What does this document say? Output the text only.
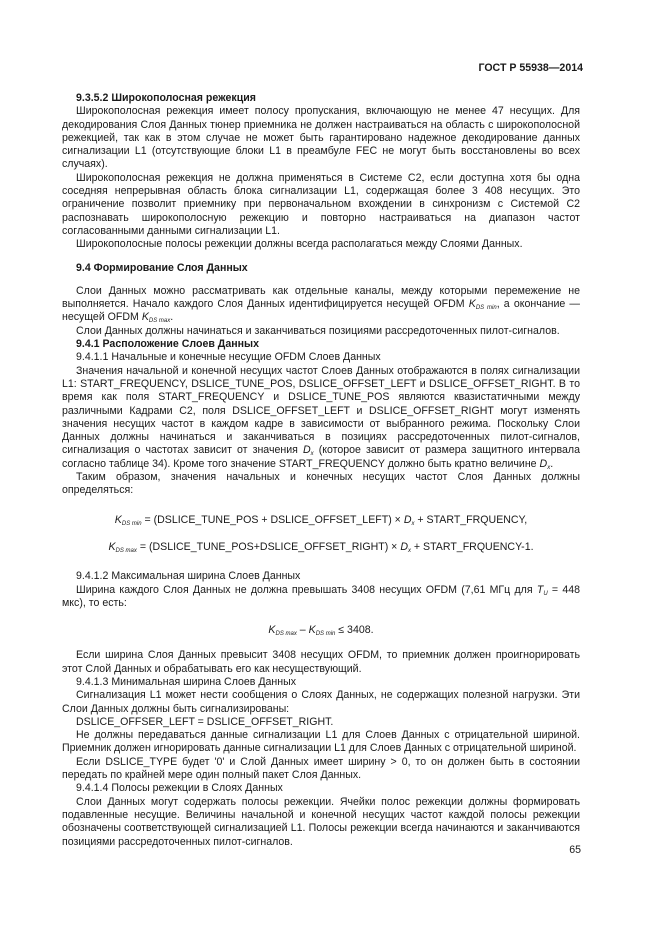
ГОСТ Р 55938—2014
9.3.5.2 Широкополосная режекция

Широкополосная режекция имеет полосу пропускания, включающую не менее 47 несущих. Для декодирования Слоя Данных тюнер приемника не должен настраиваться на область с широкополосной режекцией, так как в этом случае не может быть гарантировано надежное декодирование данных сигнализации L1 (отсутствующие блоки L1 в преамбуле FEC не могут быть восстановлены во всех случаях).

Широкополосная режекция не должна применяться в Системе С2, если доступна хотя бы одна соседняя непрерывная область блока сигнализации L1, содержащая более 3 408 несущих. Это ограничение позволит приемнику при первоначальном вхождении в синхронизм с Системой С2 распознавать широкополосную режекцию и повторно настраиваться на диапазон частот согласованными данными сигнализации L1.

Широкополосные полосы режекции должны всегда располагаться между Слоями Данных.

9.4 Формирование Слоя Данных

Слои Данных можно рассматривать как отдельные каналы, между которыми перемежение не выполняется. Начало каждого Слоя Данных идентифицируется несущей OFDM $K_{DS min}$, а окончание — несущей OFDM $K_{DS max}$.

Слои Данных должны начинаться и заканчиваться позициями рассредоточенных пилот-сигналов.

9.4.1 Расположение Слоев Данных
9.4.1.1 Начальные и конечные несущие OFDM Слоев Данных

Значения начальной и конечной несущих частот Слоев Данных отображаются в полях сигнализации L1: START_FREQUENCY, DSLICE_TUNE_POS, DSLICE_OFFSET_LEFT и DSLICE_OFFSET_RIGHT. В то время как поля START_FREQUENCY и DSLICE_TUNE_POS являются квазистатичными между различными Кадрами С2, поля DSLICE_OFFSET_LEFT и DSLICE_OFFSET_RIGHT могут изменять значения несущих частот в каждом кадре в зависимости от выбранного режима. Поскольку Слои Данных должны начинаться и заканчиваться в позициях рассредоточенных пилот-сигналов, сигнализация о частотах зависит от значения $D_x$ (которое зависит от размера защитного интервала согласно таблице 34). Кроме того значение START_FREQUENCY должно быть кратно величине $D_x$.

Таким образом, значения начальных и конечных несущих частот Слоя Данных должны определяться:

$K_{DS min}$ = (DSLICE_TUNE_POS + DSLICE_OFFSET_LEFT) × $D_x$ + START_FRQUENCY,
$K_{DS max}$ = (DSLICE_TUNE_POS+DSLICE_OFFSET_RIGHT) × $D_x$ + START_FRQUENCY-1.
9.4.1.2 Максимальная ширина Слоев Данных

Ширина каждого Слоя Данных не должна превышать 3408 несущих OFDM (7,61 МГц для $T_U = 448$ мкс), то есть:

$K_{DS max} - K_{DS min} \le 3408$.

Если ширина Слоя Данных превысит 3408 несущих OFDM, то приемник должен проигнорировать этот Слой Данных и обрабатывать его как несуществующий.

9.4.1.3 Минимальная ширина Слоев Данных

Сигнализация L1 может нести сообщения о Слоях Данных, не содержащих полезной нагрузки. Эти Слои Данных должны быть сигнализированы:

DSLICE_OFFSER_LEFT = DSLICE_OFFSET_RIGHT.

Не должны передаваться данные сигнализации L1 для Слоев Данных с отрицательной шириной. Приемник должен игнорировать данные сигнализации L1 для Слоев Данных с отрицательной шириной.

Если DSLICE_TYPE будет '0' и Слой Данных имеет ширину > 0, то он должен быть в состоянии передать по крайней мере один полный пакет Слоя Данных.

9.4.1.4 Полосы режекции в Слоях Данных

Слои Данных могут содержать полосы режекции. Ячейки полос режекции должны формировать подавленные несущие. Величины начальной и конечной несущих частот каждой полосы режекции обозначены соответствующей сигнализацией L1. Полосы режекции всегда начинаются и заканчиваются позициями рассредоточенных пилот-сигналов.

65
